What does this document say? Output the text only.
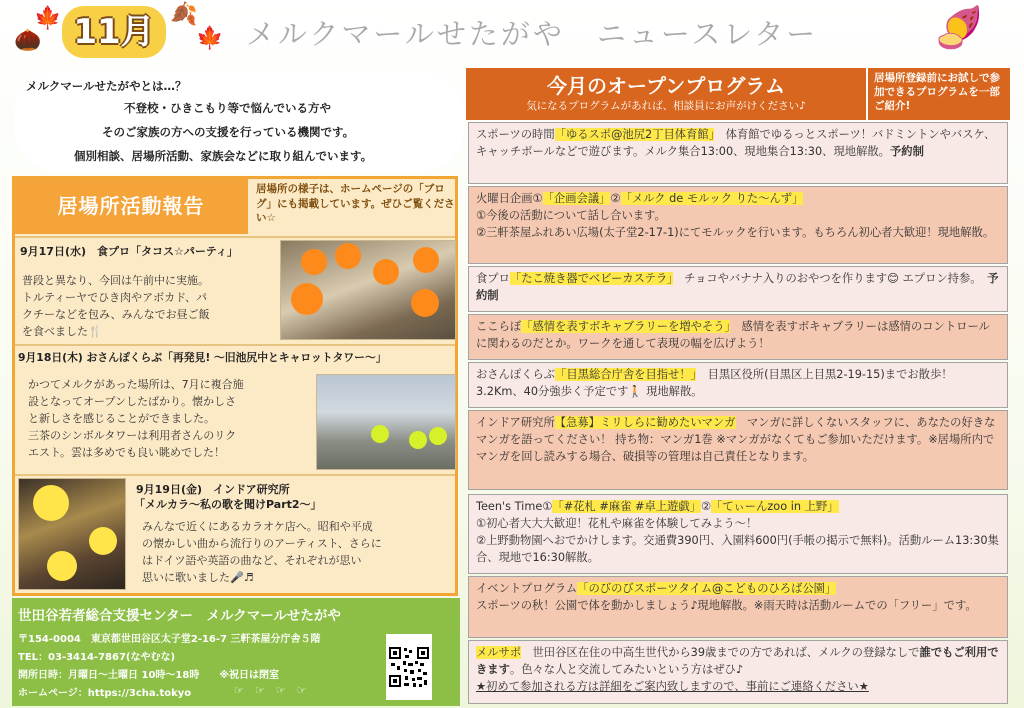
🍁
🌰
🍂
🍁
11月	メルクマールせたがや　ニュースレター	🍠
メルクマールせたがやとは…？
不登校・ひきこもり等で悩んでいる方や
そのご家族の方への支援を行っている機関です。
個別相談、居場所活動、家族会などに取り組んでいます。
居場所活動報告
居場所の様子は、ホームページの「ブログ」にも掲載しています。ぜひご覧ください☆
9月17日(水)　食プロ「タコス☆パーティ」
普段と異なり、今回は午前中に実施。
トルティーヤでひき肉やアボカド、パ
クチーなどを包み、みんなでお昼ご飯
を食べました🍴
9月18日(木) おさんぽくらぶ「再発見! ～旧池尻中とキャロットタワー～」
かつてメルクがあった場所は、7月に複合施
設となってオープンしたばかり。懐かしさ
と新しさを感じることができました。
三茶のシンボルタワーは利用者さんのリク
エスト。雲は多めでも良い眺めでした！
9月19日(金)　インドア研究所
「メルカラ～私の歌を聞けPart2～」
みんなで近くにあるカラオケ店へ。昭和や平成
の懐かしい曲から流行りのアーティスト、さらに
はドイツ語や英語の曲など、それぞれが思い
思いに歌いました🎤♬
世田谷若者総合支援センター　メルクマールせたがや
〒154-0004　東京都世田谷区太子堂2-16-7 三軒茶屋分庁舎５階
TEL：03-3414-7867(なやむな)
開所日時：月曜日～土曜日 10時～18時　　※祝日は閉室
ホームページ：https://3cha.tokyo	☞　☞　☞　☞
今月のオープンプログラム
気になるプログラムがあれば、相談員にお声がけください♪
居場所登録前にお試しで参加できるプログラムを一部ご紹介!
スポーツの時間「ゆるスポ@池尻2丁目体育館」　体育館でゆるっとスポーツ！バドミントンやバスケ、キャッチボールなどで遊びます。メルク集合13:00、現地集合13:30、現地解散。予約制
火曜日企画①「企画会議」②「メルク de モルック りた～んず」
①今後の活動について話し合います。
②三軒茶屋ふれあい広場(太子堂2-17-1)にてモルックを行います。もちろん初心者大歓迎！現地解散。
食プロ「たこ焼き器でベビーカステラ」　チョコやバナナ入りのおやつを作ります😊 エプロン持参。　 予約制
ここらぼ「感情を表すボキャブラリーを増やそう」　感情を表すボキャブラリーは感情のコントロールに関わるのだとか。ワークを通して表現の幅を広げよう！
おさんぽくらぶ「目黒総合庁舎を目指せ！」　目黒区役所(目黒区上目黒2-19-15)までお散歩！3.2Km、40分強歩く予定です🚶 現地解散。
インドア研究所【急募】ミリしらに勧めたいマンガ　マンガに詳しくないスタッフに、あなたの好きなマンガを語ってください！ 持ち物：マンガ1巻 ※マンガがなくてもご参加いただけます。※居場所内でマンガを回し読みする場合、破損等の管理は自己責任となります。
Teen's Time①「#花札 #麻雀 #卓上遊戯」②「てぃーんzoo in 上野」
①初心者大大大歓迎！花札や麻雀を体験してみよう～！
②上野動物園へおでかけします。交通費390円、入園料600円(手帳の掲示で無料)。活動ルーム13:30集合、現地で16:30解散。
イベントプログラム「のびのびスポーツタイム@こどものひろば公園」
スポーツの秋！公園で体を動かしましょう♪現地解散。※雨天時は活動ルームでの「フリー」です。
メルサポ　世田谷区在住の中高生世代から39歳までの方であれば、メルクの登録なしで誰でもご利用できます。色々な人と交流してみたいという方はぜひ♪
★初めて参加される方は詳細をご案内致しますので、事前にご連絡ください★
